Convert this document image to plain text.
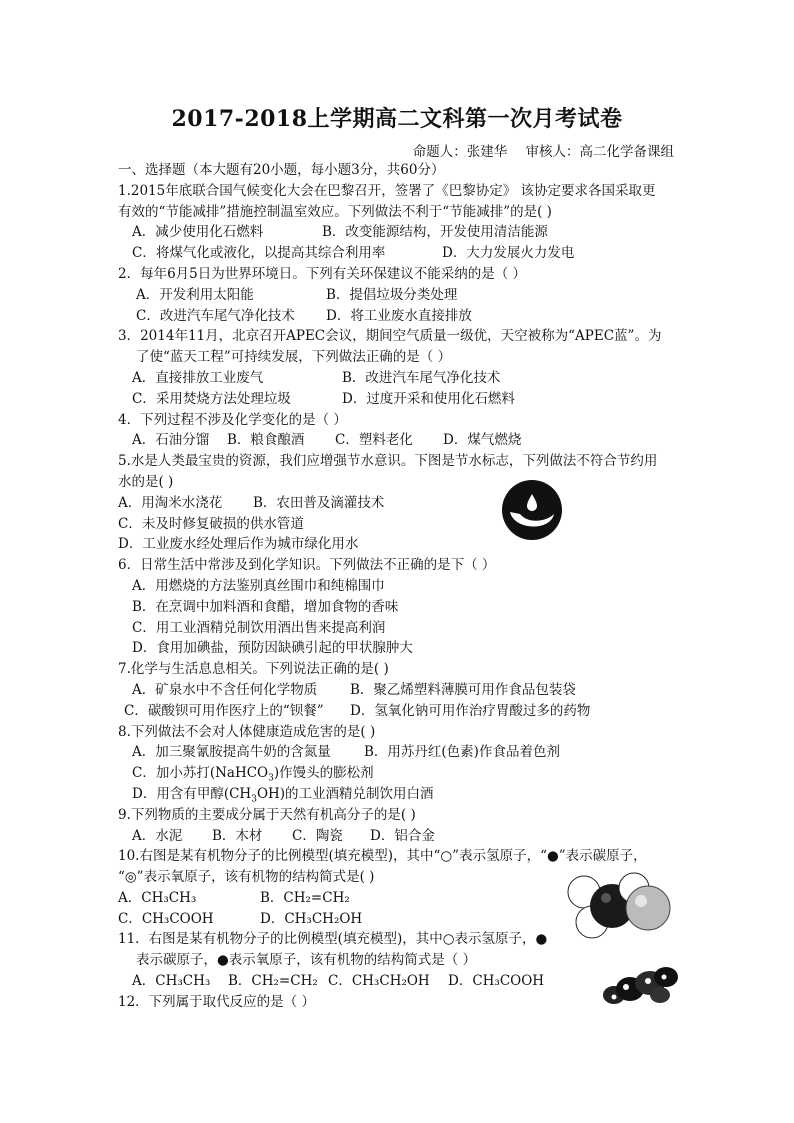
2017-2018上学期高二文科第一次月考试卷
命题人：张建华 审核人：高二化学备课组
一、选择题（本大题有20小题，每小题3分，共60分）
1.2015年底联合国气候变化大会在巴黎召开，签署了《巴黎协定》 该协定要求各国采取更
有效的“节能减排”措施控制温室效应。下列做法不利于“节能减排”的是( )
A．减少使用化石燃料	B．改变能源结构，开发使用清洁能源
C．将煤气化或液化，以提高其综合利用率	D．大力发展火力发电
2．每年6月5日为世界环境日。下列有关环保建议不能采纳的是（ ）
A．开发利用太阳能	B．提倡垃圾分类处理
C．改进汽车尾气净化技术 D．将工业废水直接排放
3．2014年11月，北京召开APEC会议，期间空气质量一级优，天空被称为“APEC蓝”。为
了使“蓝天工程”可持续发展，下列做法正确的是（ ）
A．直接排放工业废气	B．改进汽车尾气净化技术
C．采用焚烧方法处理垃圾	D．过度开采和使用化石燃料
4．下列过程不涉及化学变化的是（ ）
A．石油分馏 B．粮食酿酒 C．塑料老化 D．煤气燃烧
5.水是人类最宝贵的资源，我们应增强节水意识。下图是节水标志，下列做法不符合节约用
水的是( )
A．用淘米水浇花 B．农田普及滴灌技术
C．未及时修复破损的供水管道
D．工业废水经处理后作为城市绿化用水
6．日常生活中常涉及到化学知识。下列做法不正确的是下（ ）
A．用燃烧的方法鉴别真丝围巾和纯棉围巾
B．在烹调中加料酒和食醋，增加食物的香味
C．用工业酒精兑制饮用酒出售来提高利润
D．食用加碘盐，预防因缺碘引起的甲状腺肿大
7.化学与生活息息相关。下列说法正确的是( )
A．矿泉水中不含任何化学物质 B．聚乙烯塑料薄膜可用作食品包装袋
C．碳酸钡可用作医疗上的“钡餐” D．氢氧化钠可用作治疗胃酸过多的药物
8.下列做法不会对人体健康造成危害的是( )
A．加三聚氰胺提高牛奶的含氮量 B．用苏丹红(色素)作食品着色剂
C．加小苏打(NaHCO$_3$)作馒头的膨松剂
D．用含有甲醇$(CH_3OH)$的工业酒精兑制饮用白酒
9.下列物质的主要成分属于天然有机高分子的是( )
A．水泥 B．木材 C．陶瓷 D．铝合金
10.右图是某有机物分子的比例模型(填充模型)，其中“○”表示氢原子，“●”表示碳原子，
“◎”表示氧原子，该有机物的结构简式是( )
A．CH₃CH₃	B．CH₂=CH₂
C．CH₃COOH	D．CH₃CH₂OH
11．右图是某有机物分子的比例模型(填充模型)，其中○表示氢原子，●
表示碳原子，●表示氧原子，该有机物的结构简式是（ ）
A．CH₃CH₃ B．CH₂=CH₂ C．CH₃CH₂OH D．CH₃COOH
12．下列属于取代反应的是（ ）
